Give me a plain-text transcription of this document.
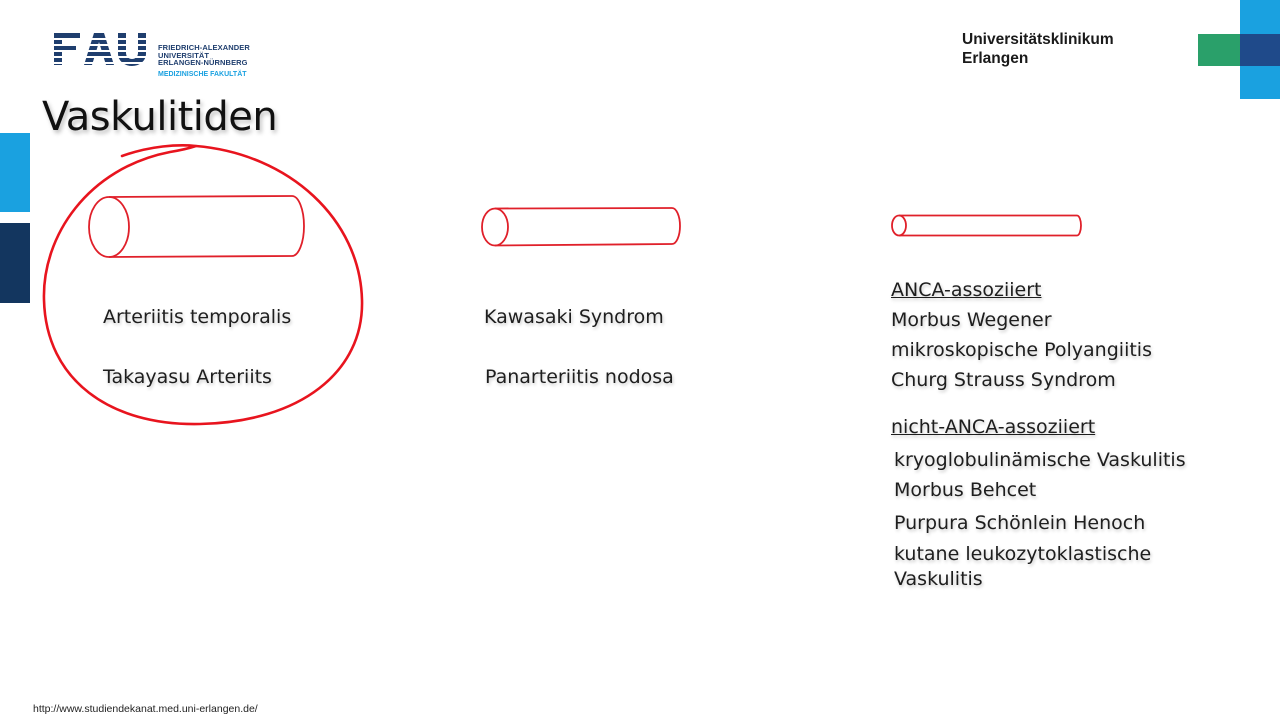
FRIEDRICH-ALEXANDER
UNIVERSITÄT
ERLANGEN-NÜRNBERG
MEDIZINISCHE FAKULTÄT
Universitätsklinikum
Erlangen
Vaskulitiden
Arteriitis temporalis
Takayasu Arteriits
Kawasaki Syndrom
Panarteriitis nodosa
ANCA-assoziiert
Morbus Wegener
mikroskopische Polyangiitis
Churg Strauss Syndrom
nicht-ANCA-assoziiert
kryoglobulinämische Vaskulitis
Morbus Behcet
Purpura Schönlein Henoch
kutane leukozytoklastische
Vaskulitis
http://www.studiendekanat.med.uni-erlangen.de/
